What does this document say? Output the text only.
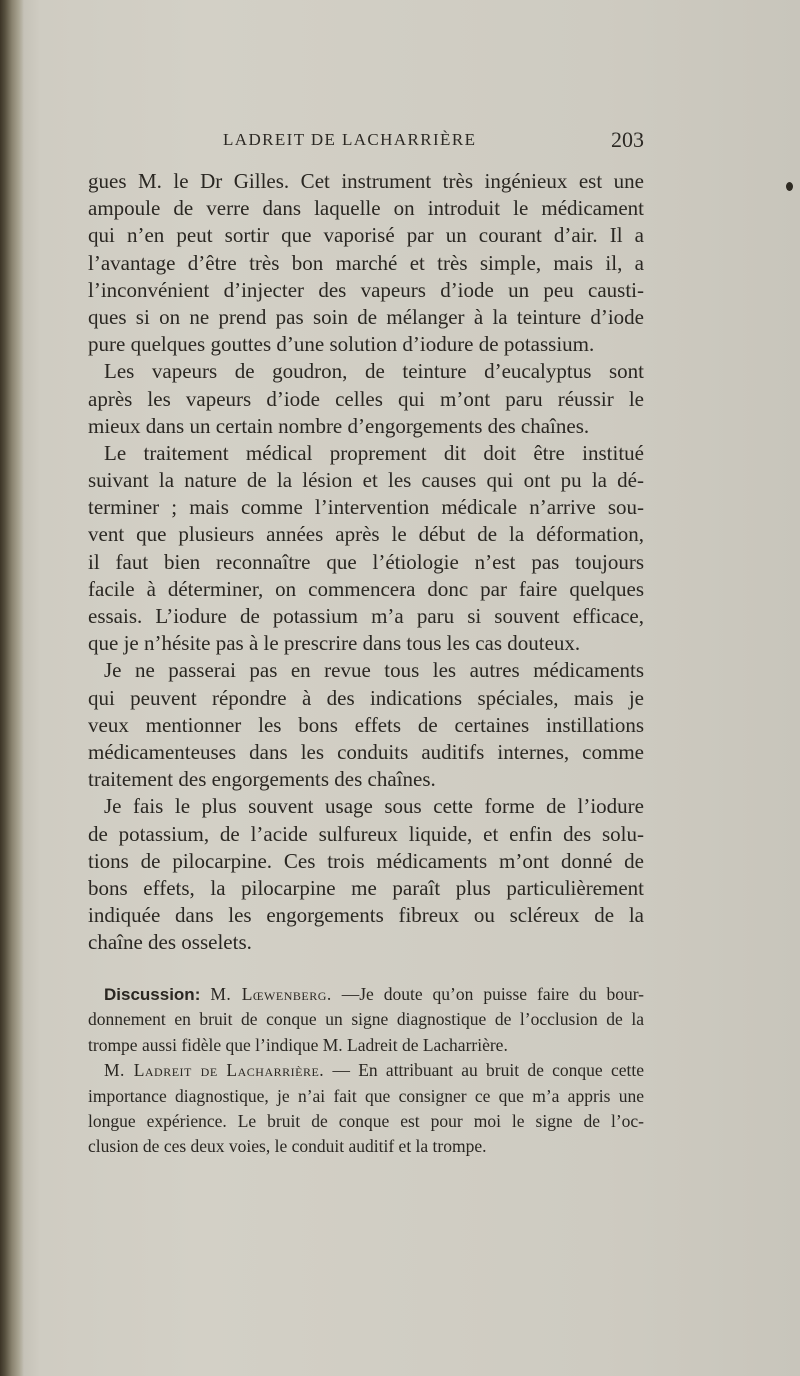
LADREIT DE LACHARRIÈRE	203
gues M. le Dr Gilles. Cet instrument très ingénieux est une
ampoule de verre dans laquelle on introduit le médicament
qui n’en peut sortir que vaporisé par un courant d’air. Il a
l’avantage d’être très bon marché et très simple, mais il, a
l’inconvénient d’injecter des vapeurs d’iode un peu causti-
ques si on ne prend pas soin de mélanger à la teinture d’iode
pure quelques gouttes d’une solution d’iodure de potassium.
Les vapeurs de goudron, de teinture d’eucalyptus sont
après les vapeurs d’iode celles qui m’ont paru réussir le
mieux dans un certain nombre d’engorgements des chaînes.
Le traitement médical proprement dit doit être institué
suivant la nature de la lésion et les causes qui ont pu la dé-
terminer ; mais comme l’intervention médicale n’arrive sou-
vent que plusieurs années après le début de la déformation,
il faut bien reconnaître que l’étiologie n’est pas toujours
facile à déterminer, on commencera donc par faire quelques
essais. L’iodure de potassium m’a paru si souvent efficace,
que je n’hésite pas à le prescrire dans tous les cas douteux.
Je ne passerai pas en revue tous les autres médicaments
qui peuvent répondre à des indications spéciales, mais je
veux mentionner les bons effets de certaines instillations
médicamenteuses dans les conduits auditifs internes, comme
traitement des engorgements des chaînes.
Je fais le plus souvent usage sous cette forme de l’iodure
de potassium, de l’acide sulfureux liquide, et enfin des solu-
tions de pilocarpine. Ces trois médicaments m’ont donné de
bons effets, la pilocarpine me paraît plus particulièrement
indiquée dans les engorgements fibreux ou scléreux de la
chaîne des osselets.
Discussion: M. Lœwenberg. —Je doute qu’on puisse faire du bour-
donnement en bruit de conque un signe diagnostique de l’occlusion de la
trompe aussi fidèle que l’indique M. Ladreit de Lacharrière.
M. Ladreit de Lacharrière. — En attribuant au bruit de conque cette
importance diagnostique, je n’ai fait que consigner ce que m’a appris une
longue expérience. Le bruit de conque est pour moi le signe de l’oc-
clusion de ces deux voies, le conduit auditif et la trompe.
